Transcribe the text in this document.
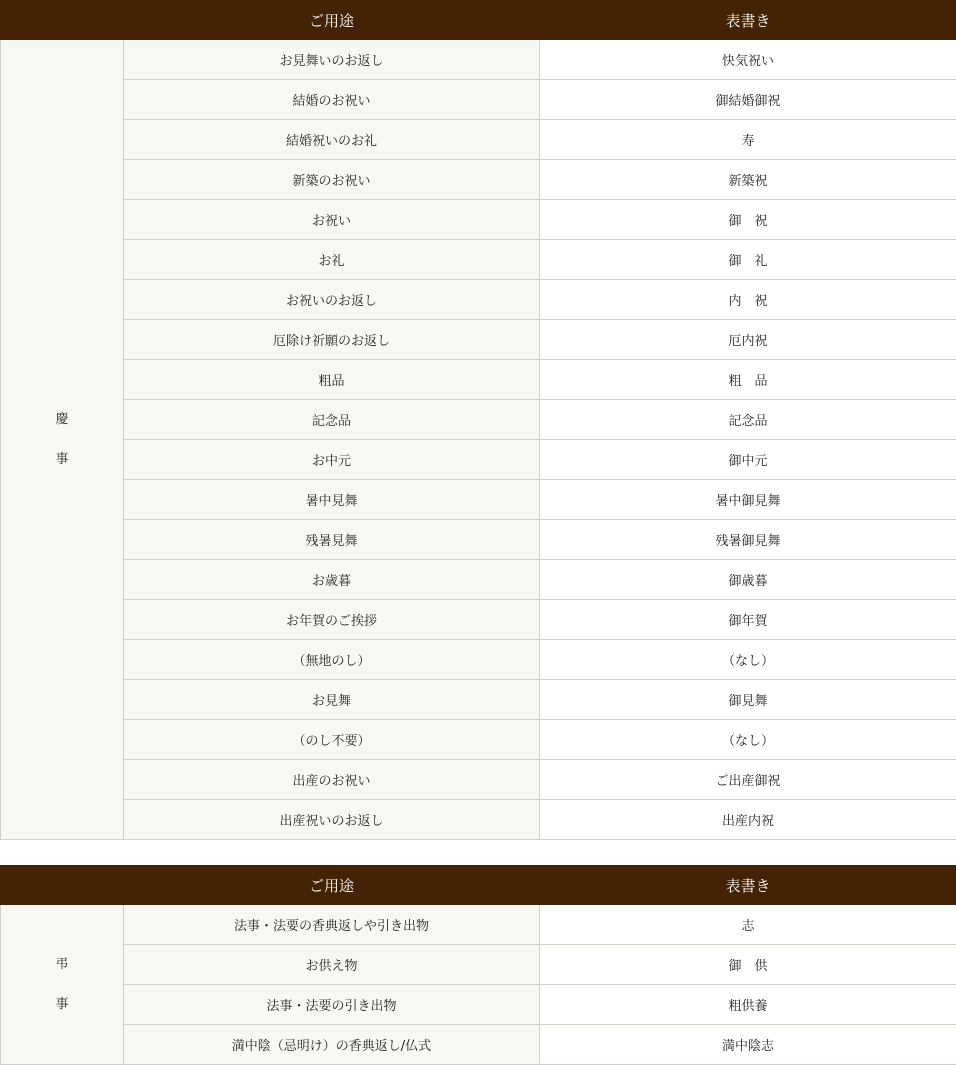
	ご用途	表書き

慶
事	お見舞いのお返し	快気祝い
	結婚のお祝い	御結婚御祝
	結婚祝いのお礼	寿
	新築のお祝い	新築祝
	お祝い	御　祝
	お礼	御　礼
	お祝いのお返し	内　祝
	厄除け祈願のお返し	厄内祝
	粗品	粗　品
	記念品	記念品
	お中元	御中元
	暑中見舞	暑中御見舞
	残暑見舞	残暑御見舞
	お歳暮	御歳暮
	お年賀のご挨拶	御年賀
	（無地のし）	（なし）
	お見舞	御見舞
	（のし不要）	（なし）
	出産のお祝い	ご出産御祝
	出産祝いのお返し	出産内祝
	ご用途	表書き

弔
事	法事・法要の香典返しや引き出物	志
	お供え物	御　供
	法事・法要の引き出物	粗供養
	満中陰（忌明け）の香典返し/仏式	満中陰志
